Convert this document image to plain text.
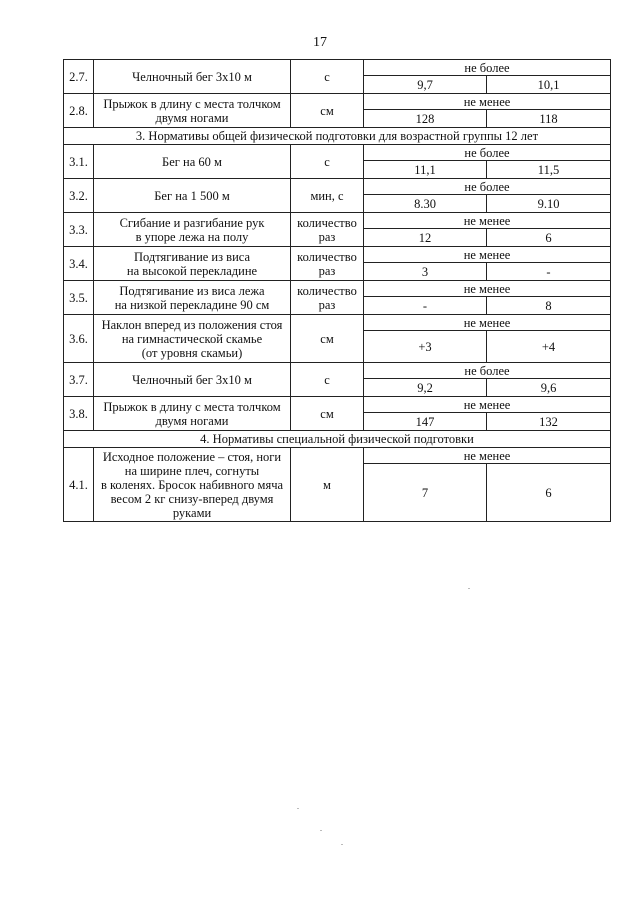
17
2.7.	Челночный бег 3х10 м	с	не более	
			9,7	10,1
2.8.	Прыжок в длину с места толчком
двумя ногами	см	не менее	
			128	118
3. Нормативы общей физической подготовки для возрастной группы 12 лет				
3.1.	Бег на 60 м	с	не более	
			11,1	11,5
3.2.	Бег на 1 500 м	мин, с	не более	
			8.30	9.10
3.3.	Сгибание и разгибание рук
в упоре лежа на полу	количество
раз	не менее	
			12	6
3.4.	Подтягивание из виса
на высокой перекладине	количество
раз	не менее	
			3	-
3.5.	Подтягивание из виса лежа
на низкой перекладине 90 см	количество
раз	не менее	
			-	8
3.6.	Наклон вперед из положения стоя
на гимнастической скамье
(от уровня скамьи)	см	не менее	
			+3	+4
3.7.	Челночный бег 3х10 м	с	не более	
			9,2	9,6
3.8.	Прыжок в длину с места толчком
двумя ногами	см	не менее	
			147	132
4. Нормативы специальной физической подготовки				
4.1.	Исходное положение – стоя, ноги
на ширине плеч, согнуты
в коленях. Бросок набивного мяча
весом 2 кг снизу-вперед двумя
руками	м	не менее	
			7	6
